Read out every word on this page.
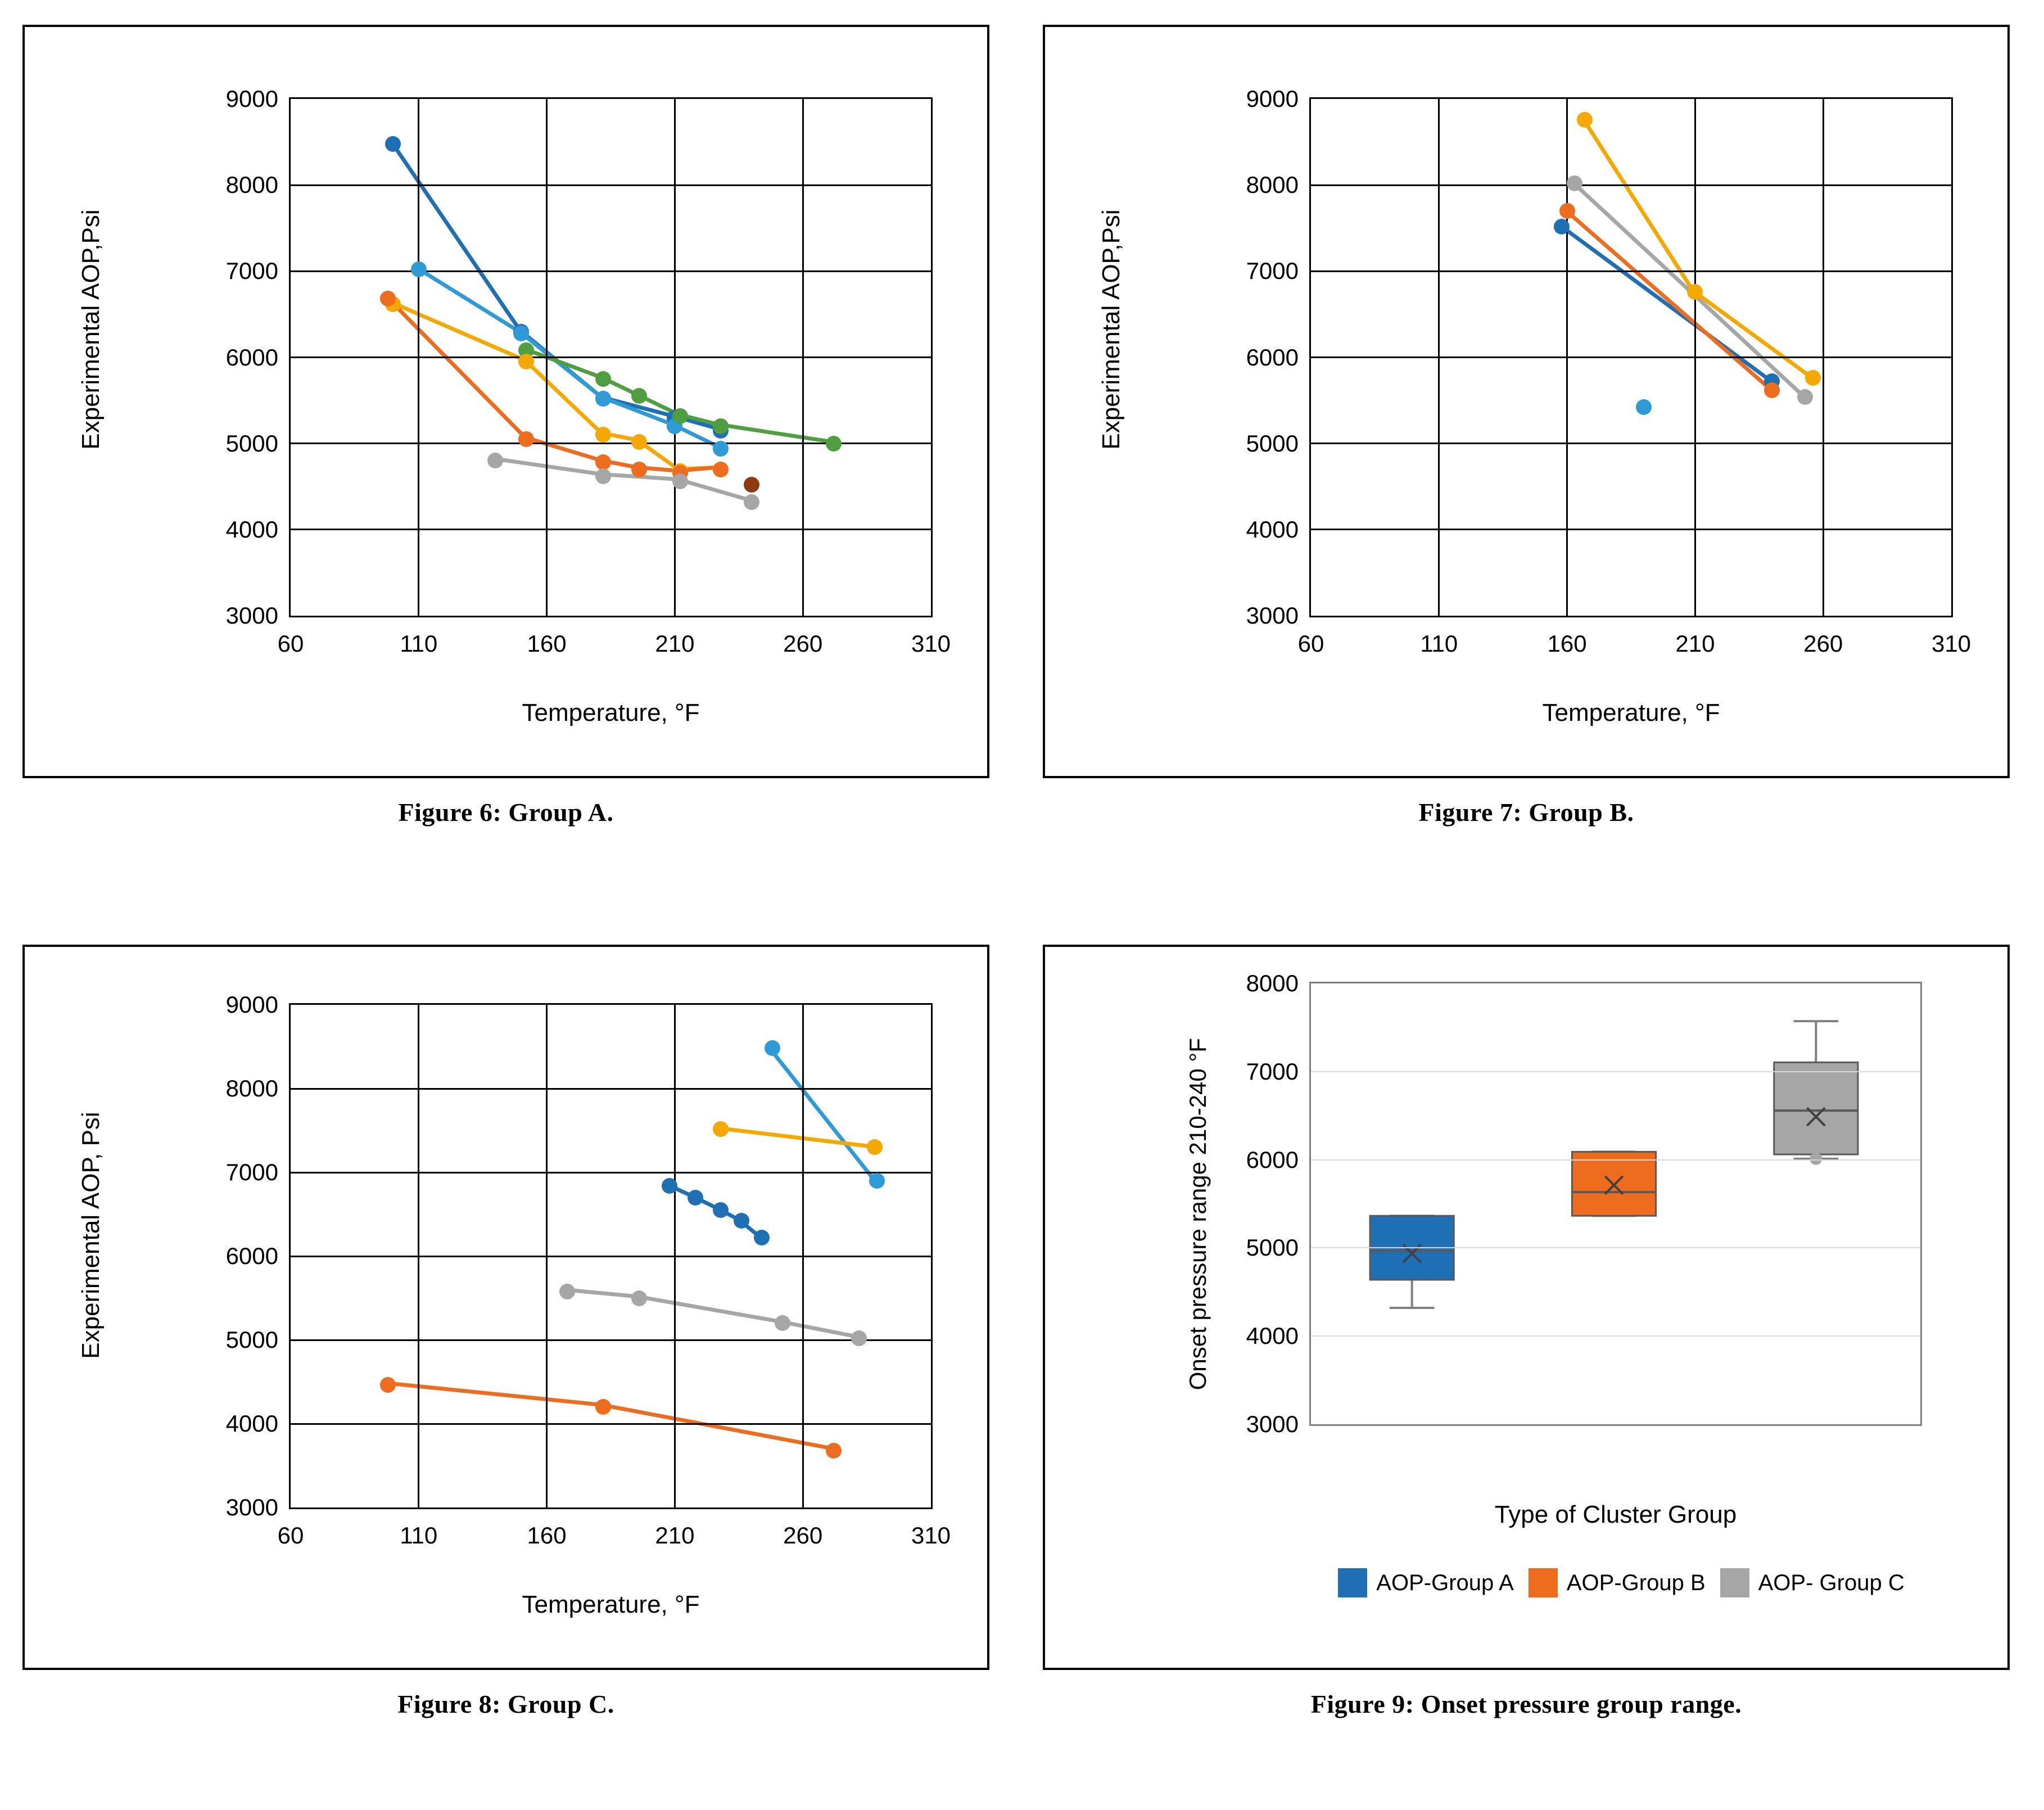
3000
4000
5000
6000
7000
8000
9000
60	110	160	210	260	310
Experimental AOP,Psi
Temperature, °F
Figure 6: Group A.
3000
4000
5000
6000
7000
8000
9000
60	110	160	210	260	310
Experimental AOP,Psi
Temperature, °F
Figure 7: Group B.
3000
4000
5000
6000
7000
8000
9000
60	110	160	210	260	310
Experimental AOP, Psi
Temperature, °F
Figure 8: Group C.
3000
4000
5000
6000
7000
8000
Onset pressure range 210-240 °F
Type of Cluster Group
AOP-Group A AOP-Group B AOP- Group C
Figure 9: Onset pressure group range.
